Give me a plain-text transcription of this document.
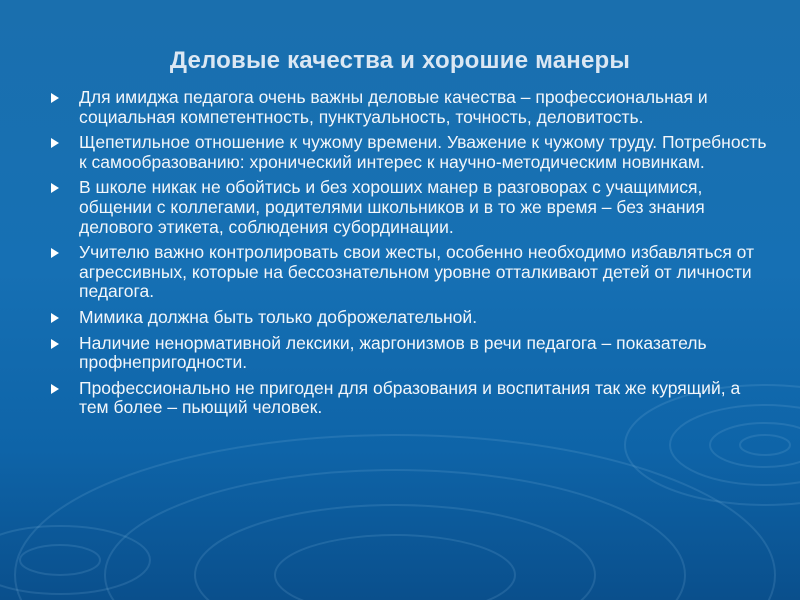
Деловые качества и хорошие манеры
Для имиджа педагога очень важны деловые качества – профессиональная и социальная компетентность, пунктуальность, точность, деловитость.
Щепетильное отношение к чужому времени. Уважение к чужому труду. Потребность к самообразованию: хронический интерес к научно-методическим новинкам.
В школе никак не обойтись и без хороших манер в разговорах с учащимися, общении с коллегами, родителями школьников и в то же время – без знания делового этикета, соблюдения субординации.
Учителю важно контролировать свои жесты, особенно необходимо избавляться от агрессивных, которые на бессознательном уровне отталкивают детей от личности педагога.
Мимика должна быть только доброжелательной.
Наличие ненормативной лексики, жаргонизмов в речи педагога – показатель профнепригодности.
Профессионально не пригоден для образования и воспитания так же курящий, а тем более – пьющий человек.
